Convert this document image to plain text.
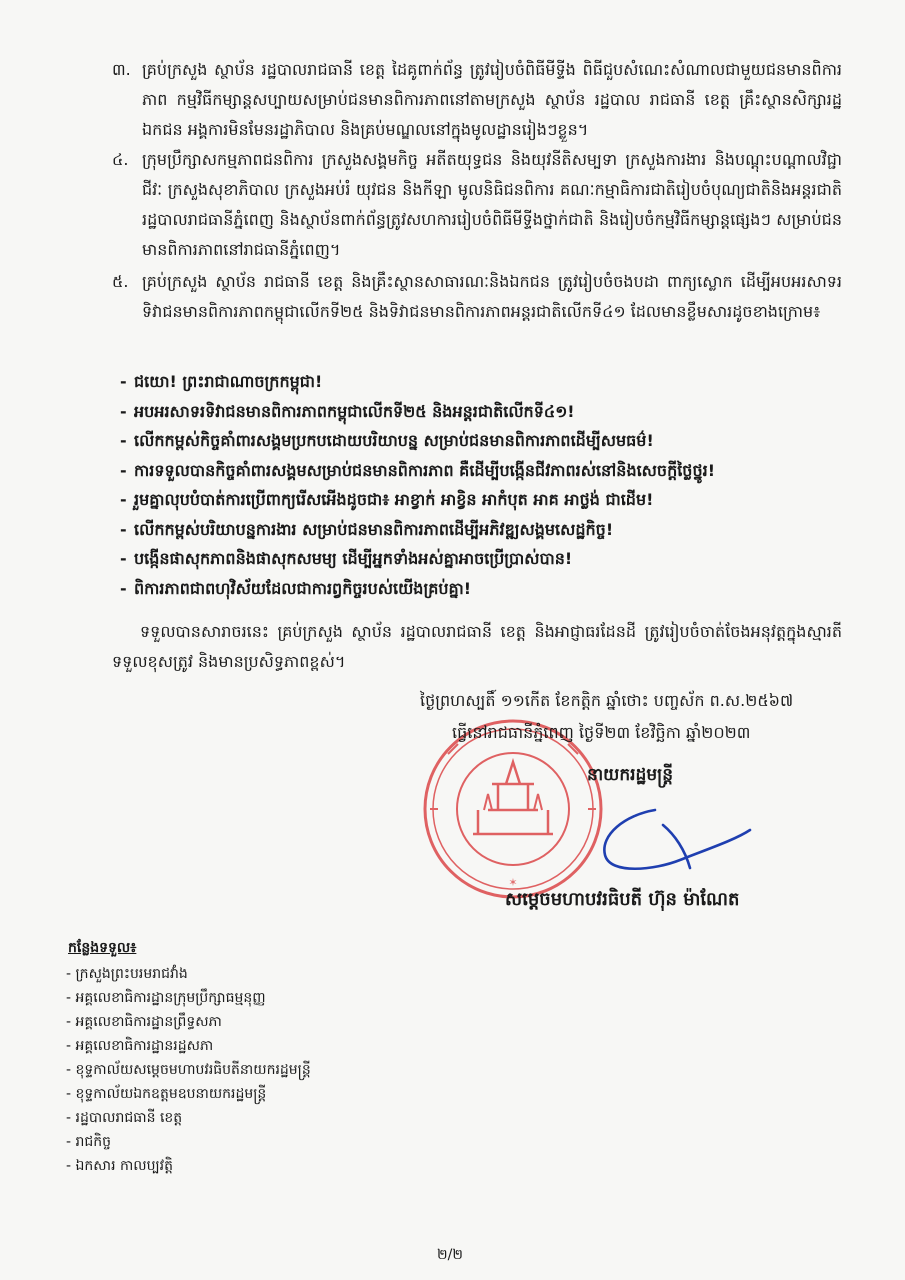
៣. គ្រប់ក្រសួង ស្ថាប័ន រដ្ឋបាលរាជធានី ខេត្ត ដៃគូពាក់ព័ន្ធ ត្រូវរៀបចំពិធីមីទ្ទីង ពិធីជួបសំណេះសំណាលជាមួយជនមានពិការភាព កម្មវិធីកម្សាន្តសប្បាយសម្រាប់ជនមានពិការភាពនៅតាមក្រសួង ស្ថាប័ន រដ្ឋបាល រាជធានី ខេត្ត គ្រឹះស្ថានសិក្សារដ្ឋ ឯកជន អង្គការមិនមែនរដ្ឋាភិបាល និងគ្រប់មណ្ឌលនៅក្នុងមូលដ្ឋានរៀងៗខ្លួន។
៤. ក្រុមប្រឹក្សាសកម្មភាពជនពិការ ក្រសួងសង្គមកិច្ច អតីតយុទ្ធជន និងយុវនីតិសម្បទា ក្រសួងការងារ និងបណ្តុះបណ្តាលវិជ្ជាជីវៈ ក្រសួងសុខាភិបាល ក្រសួងអប់រំ យុវជន និងកីឡា មូលនិធិជនពិការ គណៈកម្មាធិការជាតិរៀបចំបុណ្យជាតិនិងអន្តរជាតិ រដ្ឋបាលរាជធានីភ្នំពេញ និងស្ថាប័នពាក់ព័ន្ធត្រូវសហការរៀបចំពិធីមីទ្ទីងថ្នាក់ជាតិ និងរៀបចំកម្មវិធីកម្សាន្តផ្សេងៗ សម្រាប់ជនមានពិការភាពនៅរាជធានីភ្នំពេញ។
៥. គ្រប់ក្រសួង ស្ថាប័ន រាជធានី ខេត្ត និងគ្រឹះស្ថានសាធារណៈនិងឯកជន ត្រូវរៀបចំចងបដា ពាក្យស្លោក ដើម្បីអបអរសាទរទិវាជនមានពិការភាពកម្ពុជាលើកទី២៥ និងទិវាជនមានពិការភាពអន្តរជាតិលើកទី៤១ ដែលមានខ្លឹមសារដូចខាងក្រោម៖
- ជយោ! ព្រះរាជាណាចក្រកម្ពុជា!
- អបអរសាទរទិវាជនមានពិការភាពកម្ពុជាលើកទី២៥ និងអន្តរជាតិលើកទី៤១!
- លើកកម្ពស់កិច្ចគាំពារសង្គមប្រកបដោយបរិយាបន្ន សម្រាប់ជនមានពិការភាពដើម្បីសមធម៌!
- ការទទួលបានកិច្ចគាំពារសង្គមសម្រាប់ជនមានពិការភាព គឺដើម្បីបង្កើនជីវភាពរស់នៅនិងសេចក្តីថ្លៃថ្នូរ!
- រួមគ្នាលុបបំបាត់ការប្រើពាក្យរើសអើងដូចជា៖ អាខ្វាក់ អាខ្វិន អាកំបុត អាគ អាថ្លង់ ជាដើម!
- លើកកម្ពស់បរិយាបន្នការងារ សម្រាប់ជនមានពិការភាពដើម្បីអភិវឌ្ឍសង្គមសេដ្ឋកិច្ច!
- បង្កើនផាសុកភាពនិងផាសុកសមម្យ ដើម្បីអ្នកទាំងអស់គ្នាអាចប្រើប្រាស់បាន!
- ពិការភាពជាពហុវិស័យដែលជាការព្វកិច្ចរបស់យើងគ្រប់គ្នា!
ទទួលបានសារាចរនេះ គ្រប់ក្រសួង ស្ថាប័ន រដ្ឋបាលរាជធានី ខេត្ត និងអាជ្ញាធរដែនដី ត្រូវរៀបចំចាត់ចែងអនុវត្តក្នុងស្មារតីទទួលខុសត្រូវ និងមានប្រសិទ្ធភាពខ្ពស់។
✶
ថ្ងៃព្រហស្បតិ៍ ១១កើត ខែកត្តិក ឆ្នាំថោះ បញ្ចស័ក ព.ស.២៥៦៧
ធ្វើនៅរាជធានីភ្នំពេញ ថ្ងៃទី២៣ ខែវិច្ឆិកា ឆ្នាំ២០២៣
នាយករដ្ឋមន្ត្រី
សម្តេចមហាបវរធិបតី ហ៊ុន ម៉ាណែត
កន្លែងទទួល៖
- ក្រសួងព្រះបរមរាជវាំង
- អគ្គលេខាធិការដ្ឋានក្រុមប្រឹក្សាធម្មនុញ្ញ
- អគ្គលេខាធិការដ្ឋានព្រឹទ្ធសភា
- អគ្គលេខាធិការដ្ឋានរដ្ឋសភា
- ខុទ្ទកាល័យសម្តេចមហាបវរធិបតីនាយករដ្ឋមន្ត្រី
- ខុទ្ទកាល័យឯកឧត្តមឧបនាយករដ្ឋមន្ត្រី
- រដ្ឋបាលរាជធានី ខេត្ត
- រាជកិច្ច
- ឯកសារ កាលប្បវត្តិ
២/២
